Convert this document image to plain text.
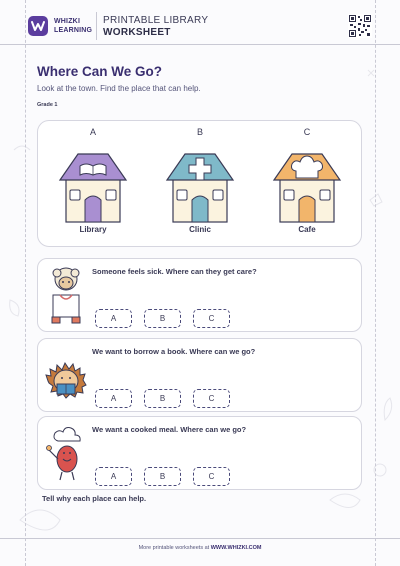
WHIZKI
LEARNING
PRINTABLE LIBRARY
WORKSHEET
Where Can We Go?
Look at the town. Find the place that can help.
Grade 1
A
Library
B
Clinic
C
Cafe
Someone feels sick. Where can they get care?
A	B	C
We want to borrow a book. Where can we go?
A	B	C
We want a cooked meal. Where can we go?
A	B	C
Tell why each place can help.
More printable worksheets at WWW.WHIZKI.COM
